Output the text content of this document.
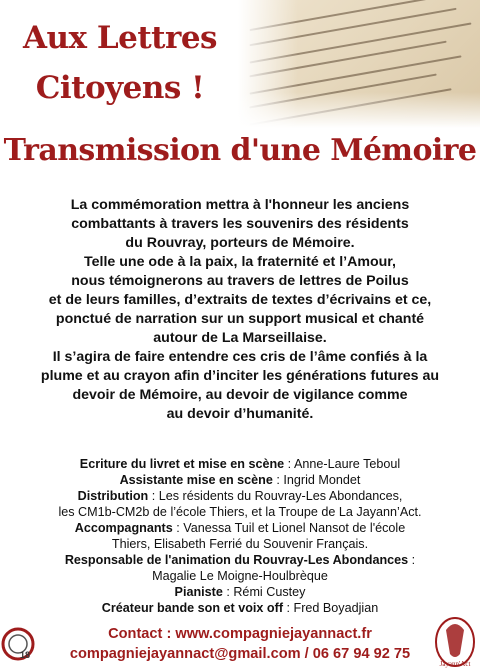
Aux Lettres
Citoyens !
Transmission d'une Mémoire
La commémoration mettra à l'honneur les anciens
combattants à travers les souvenirs des résidents
du Rouvray, porteurs de Mémoire.
Telle une ode à la paix, la fraternité et l’Amour,
nous témoignerons au travers de lettres de Poilus
et de leurs familles, d’extraits de textes d’écrivains et ce,
ponctué de narration sur un support musical et chanté
autour de La Marseillaise.
Il s’agira de faire entendre ces cris de l’âme confiés à la
plume et au crayon afin d’inciter les générations futures au
devoir de Mémoire, au devoir de vigilance comme
au devoir d’humanité.
Ecriture du livret et mise en scène : Anne-Laure Teboul
Assistante mise en scène : Ingrid Mondet
Distribution : Les résidents du Rouvray-Les Abondances,
les CM1b-CM2b de l’école Thiers, et la Troupe de La Jayann’Act.
Accompagnants : Vanessa Tuil et Lionel Nansot de l'école
Thiers, Elisabeth Ferrié du Souvenir Français.
Responsable de l'animation du Rouvray-Les Abondances :
Magalie Le Moigne-Houlbrèque
Pianiste : Rémi Custey
Créateur bande son et voix off : Fred Boyadjian
Contact : www.compagniejayannact.fr
compagniejayannact@gmail.com / 06 67 94 92 75
18
Jayann'Act
